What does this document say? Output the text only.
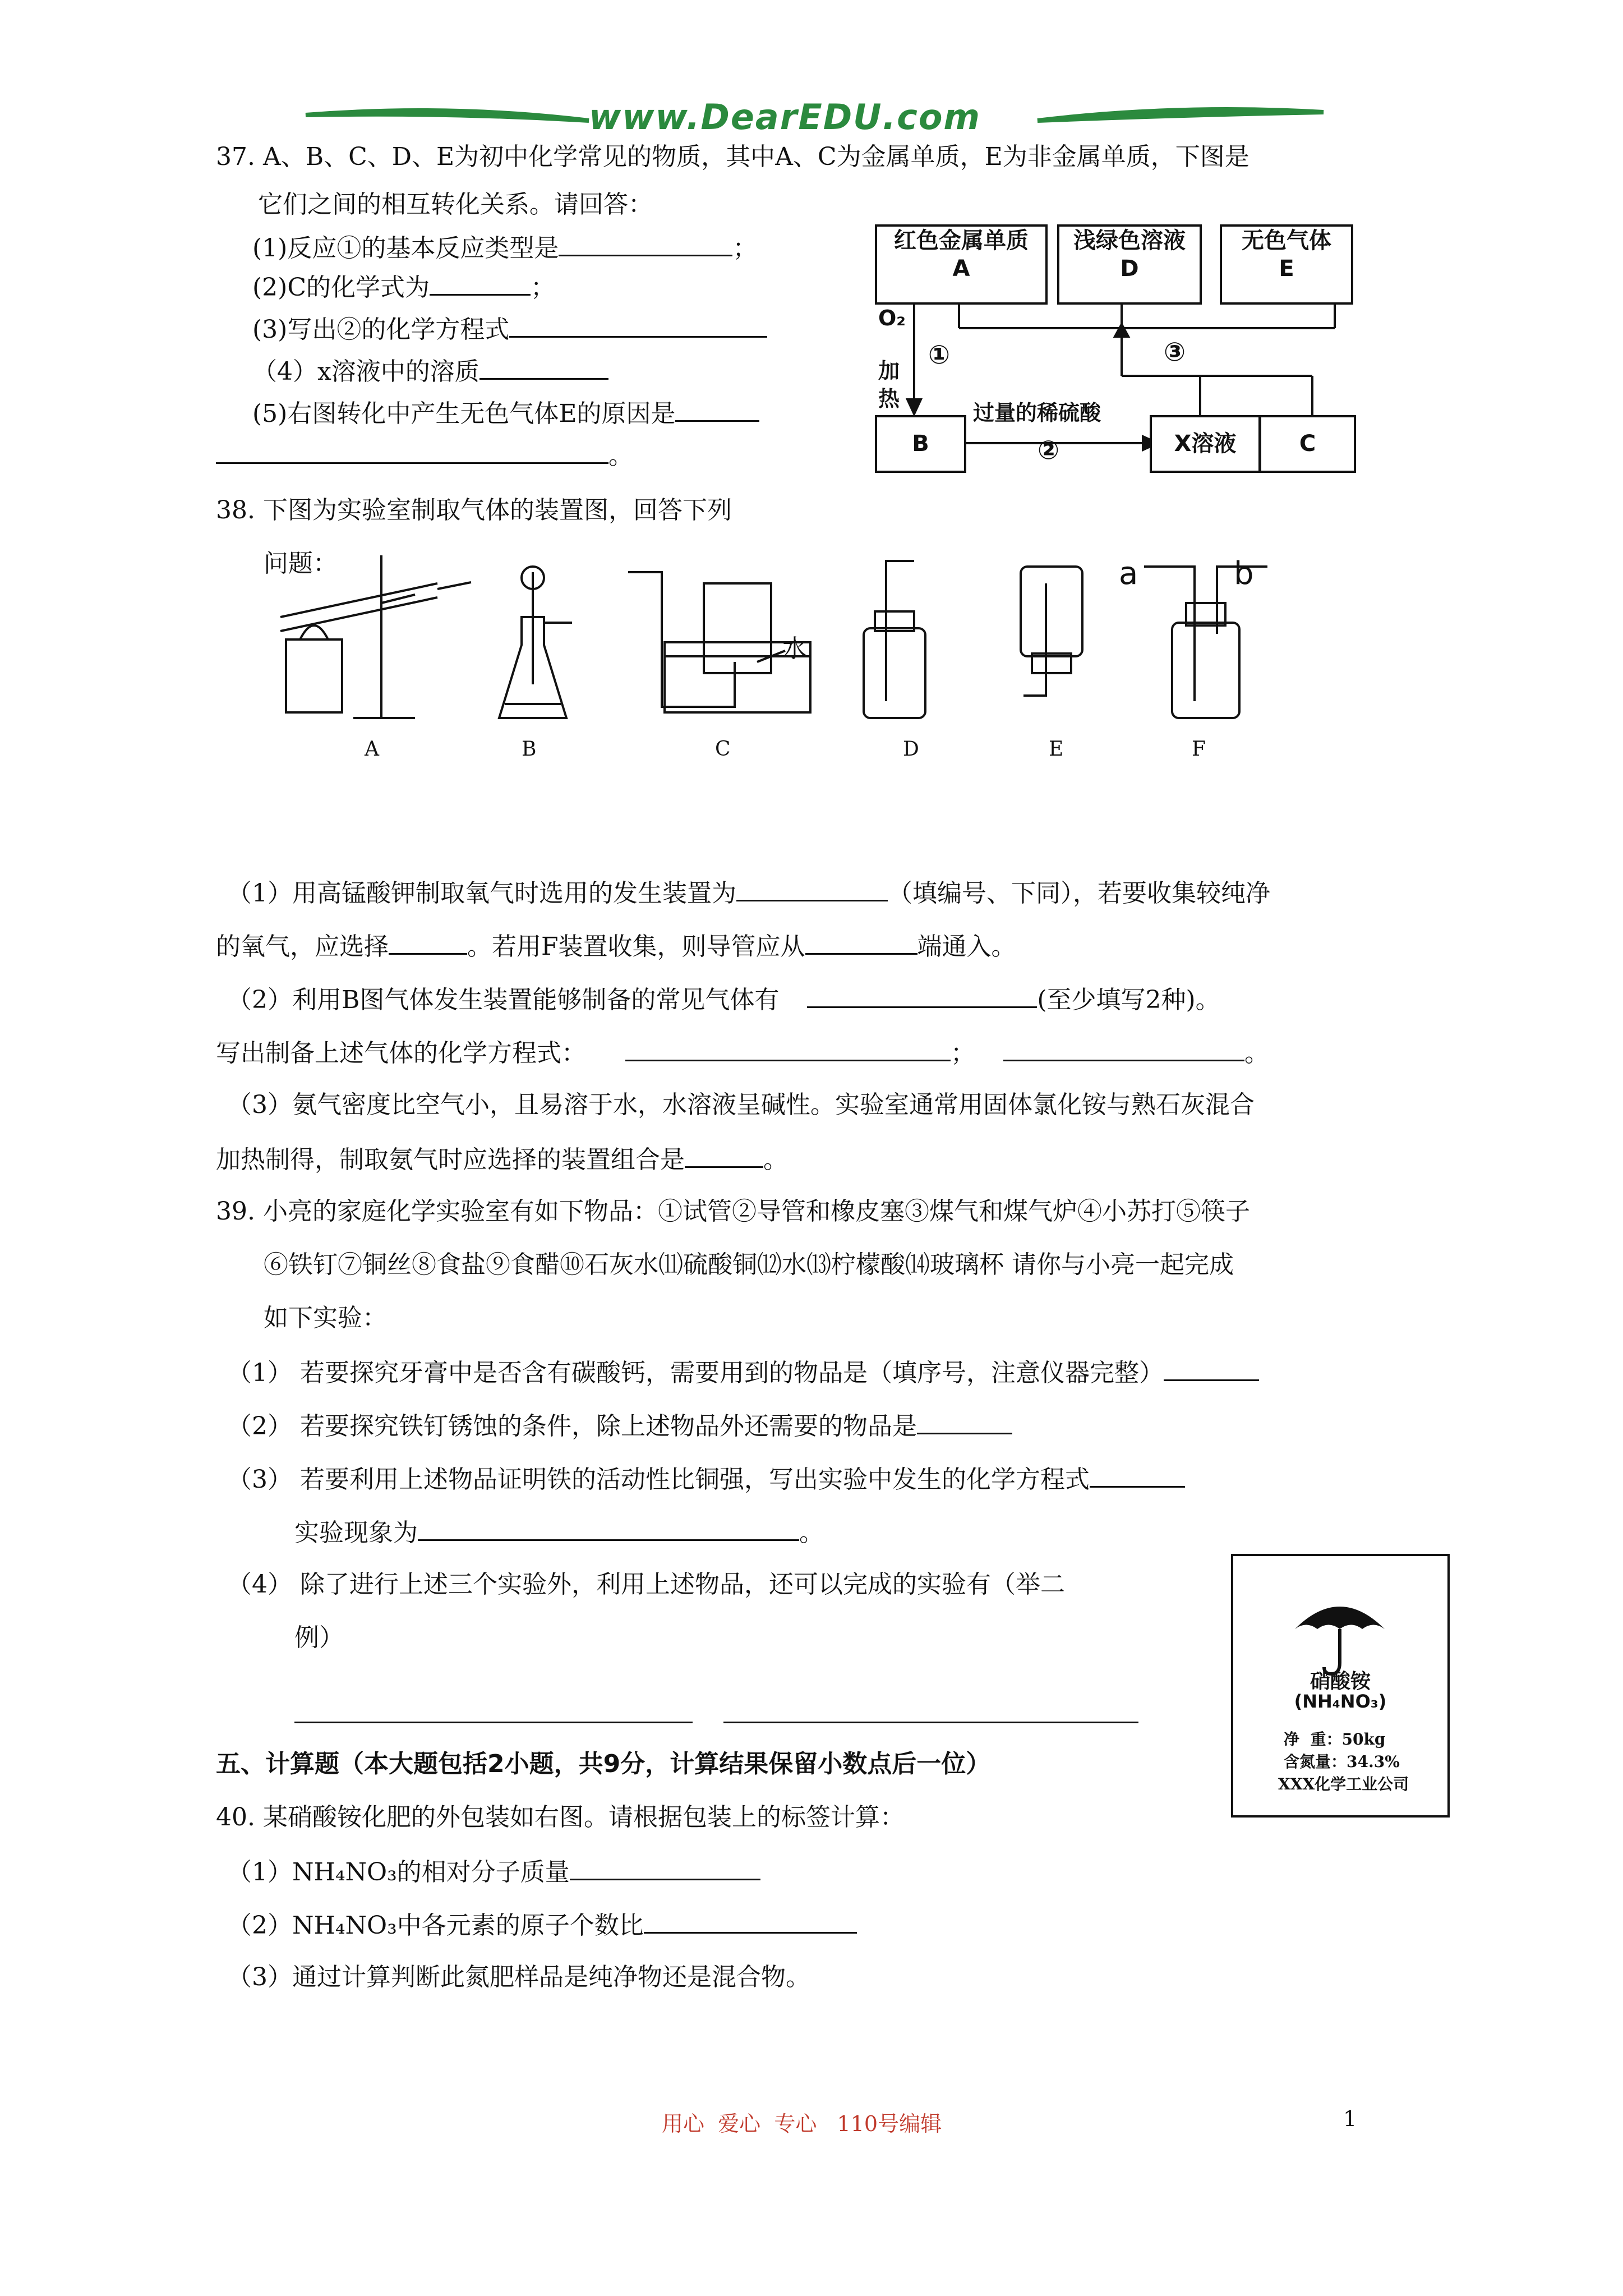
www.DearEDU.com
37. A、B、C、D、E为初中化学常见的物质，其中A、C为金属单质，E为非金属单质，下图是
它们之间的相互转化关系。请回答：
(1)反应①的基本反应类型是	；
(2)C的化学式为	；
(3)写出②的化学方程式
（4）x溶液中的溶质
(5)右图转化中产生无色气体E的原因是
。
红色金属单质
A
浅绿色溶液
D
无色气体
E
B	X溶液	C
O₂
加
热
①
过量的稀硫酸
②
③
38. 下图为实验室制取气体的装置图，回答下列
问题：
水
a	b
A	B	C	D	E	F
（1）用高锰酸钾制取氧气时选用的发生装置为	（填编号、下同），若要收集较纯净
的氧气，应选择	。若用F装置收集，则导管应从	端通入。
（2）利用B图气体发生装置能够制备的常见气体有	(至少填写2种)。
写出制备上述气体的化学方程式：	；	。
（3）氨气密度比空气小，且易溶于水，水溶液呈碱性。实验室通常用固体氯化铵与熟石灰混合
加热制得，制取氨气时应选择的装置组合是	。
39. 小亮的家庭化学实验室有如下物品：①试管②导管和橡皮塞③煤气和煤气炉④小苏打⑤筷子
⑥铁钉⑦铜丝⑧食盐⑨食醋⑩石灰水⑾硫酸铜⑿水⒀柠檬酸⒁玻璃杯 请你与小亮一起完成
如下实验：
（1） 若要探究牙膏中是否含有碳酸钙，需要用到的物品是（填序号，注意仪器完整）
（2） 若要探究铁钉锈蚀的条件，除上述物品外还需要的物品是
（3） 若要利用上述物品证明铁的活动性比铜强，写出实验中发生的化学方程式
实验现象为	。
（4） 除了进行上述三个实验外，利用上述物品，还可以完成的实验有（举二
例）
硝酸铵
(NH₄NO₃)
净  重：50kg
含氮量：34.3%
XXX化学工业公司
五、计算题（本大题包括2小题，共9分，计算结果保留小数点后一位）
40. 某硝酸铵化肥的外包装如右图。请根据包装上的标签计算：
（1）NH₄NO₃的相对分子质量
（2）NH₄NO₃中各元素的原子个数比
（3）通过计算判断此氮肥样品是纯净物还是混合物。
用心  爱心  专心   110号编辑	1
